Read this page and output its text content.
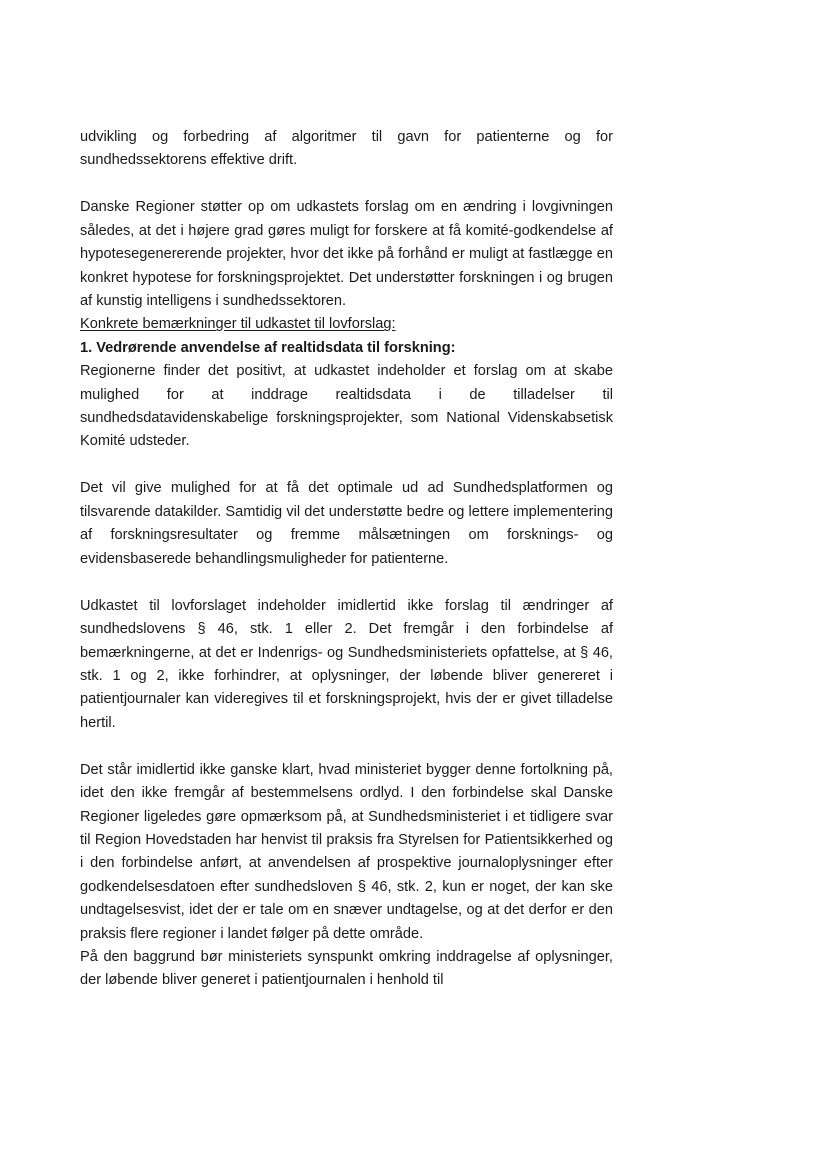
udvikling og forbedring af algoritmer til gavn for patienterne og for sundhedssektorens effektive drift.

Danske Regioner støtter op om udkastets forslag om en ændring i lovgivningen således, at det i højere grad gøres muligt for forskere at få komité-godkendelse af hypotesegenererende projekter, hvor det ikke på forhånd er muligt at fastlægge en konkret hypotese for forskningsprojektet. Det understøtter forskningen i og brugen af kunstig intelligens i sundhedssektoren.

Konkrete bemærkninger til udkastet til lovforslag:

1. Vedrørende anvendelse af realtidsdata til forskning:

Regionerne finder det positivt, at udkastet indeholder et forslag om at skabe mulighed for at inddrage realtidsdata i de tilladelser til sundhedsdatavidenskabelige forskningsprojekter, som National Videnskabsetisk Komité udsteder.

Det vil give mulighed for at få det optimale ud ad Sundhedsplatformen og tilsvarende datakilder. Samtidig vil det understøtte bedre og lettere implementering af forskningsresultater og fremme målsætningen om forsknings- og evidensbaserede behandlingsmuligheder for patienterne.

Udkastet til lovforslaget indeholder imidlertid ikke forslag til ændringer af sundhedslovens § 46, stk. 1 eller 2. Det fremgår i den forbindelse af bemærkningerne, at det er Indenrigs- og Sundhedsministeriets opfattelse, at § 46, stk. 1 og 2, ikke forhindrer, at oplysninger, der løbende bliver genereret i patientjournaler kan videregives til et forskningsprojekt, hvis der er givet tilladelse hertil.

Det står imidlertid ikke ganske klart, hvad ministeriet bygger denne fortolkning på, idet den ikke fremgår af bestemmelsens ordlyd. I den forbindelse skal Danske Regioner ligeledes gøre opmærksom på, at Sundhedsministeriet i et tidligere svar til Region Hovedstaden har henvist til praksis fra Styrelsen for Patientsikkerhed og i den forbindelse anført, at anvendelsen af prospektive journaloplysninger efter godkendelsesdatoen efter sundhedsloven § 46, stk. 2, kun er noget, der kan ske undtagelsesvist, idet der er tale om en snæver undtagelse, og at det derfor er den praksis flere regioner i landet følger på dette område.

På den baggrund bør ministeriets synspunkt omkring inddragelse af oplysninger, der løbende bliver generet i patientjournalen i henhold til
